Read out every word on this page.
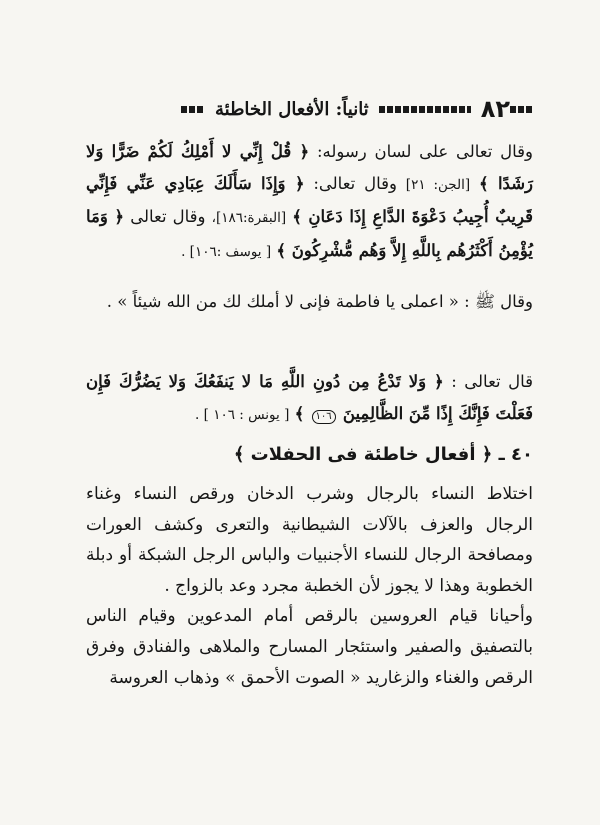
٨٢
ثانياً: الأفعال الخاطئة
وقال تعالى على لسان رسوله: ﴿ قُلْ إِنِّي لا أَمْلِكُ لَكُمْ ضَرًّا وَلا رَشَدًا ﴾ [الجن: ٢١] وقال تعالى: ﴿ وَإِذَا سَأَلَكَ عِبَادِي عَنِّي فَإِنِّي قَرِيبٌ أُجِيبُ دَعْوَةَ الدَّاعِ إِذَا دَعَانِ ﴾ [البقرة:١٨٦]، وقال تعالى ﴿ وَمَا يُؤْمِنُ أَكْثَرُهُم بِاللَّهِ إِلاَّ وَهُم مُّشْرِكُونَ ﴾ [ يوسف :١٠٦] .
وقال ﷺ : « اعملى يا فاطمة فإنى لا أملك لك من الله شيئاً » .
قال تعالى : ﴿ وَلا تَدْعُ مِن دُونِ اللَّهِ مَا لا يَنفَعُكَ وَلا يَضُرُّكَ فَإِن فَعَلْتَ فَإِنَّكَ إِذًا مِّنَ الظَّالِمِينَ ١٠٦ ﴾ [ يونس : ١٠٦ ] .
٤٠ ـ ﴿ أفعال خاطئة فى الحفلات ﴾
اختلاط النساء بالرجال وشرب الدخان ورقص النساء وغناء الرجال والعزف بالآلات الشيطانية والتعرى وكشف العورات ومصافحة الرجال للنساء الأجنبيات والباس الرجل الشبكة أو دبلة الخطوبة وهذا لا يجوز لأن الخطبة مجرد وعد بالزواج .
وأحيانا قيام العروسين بالرقص أمام المدعوين وقيام الناس بالتصفيق والصفير واستئجار المسارح والملاهى والفنادق وفرق الرقص والغناء والزغاريد « الصوت الأحمق » وذهاب العروسة
